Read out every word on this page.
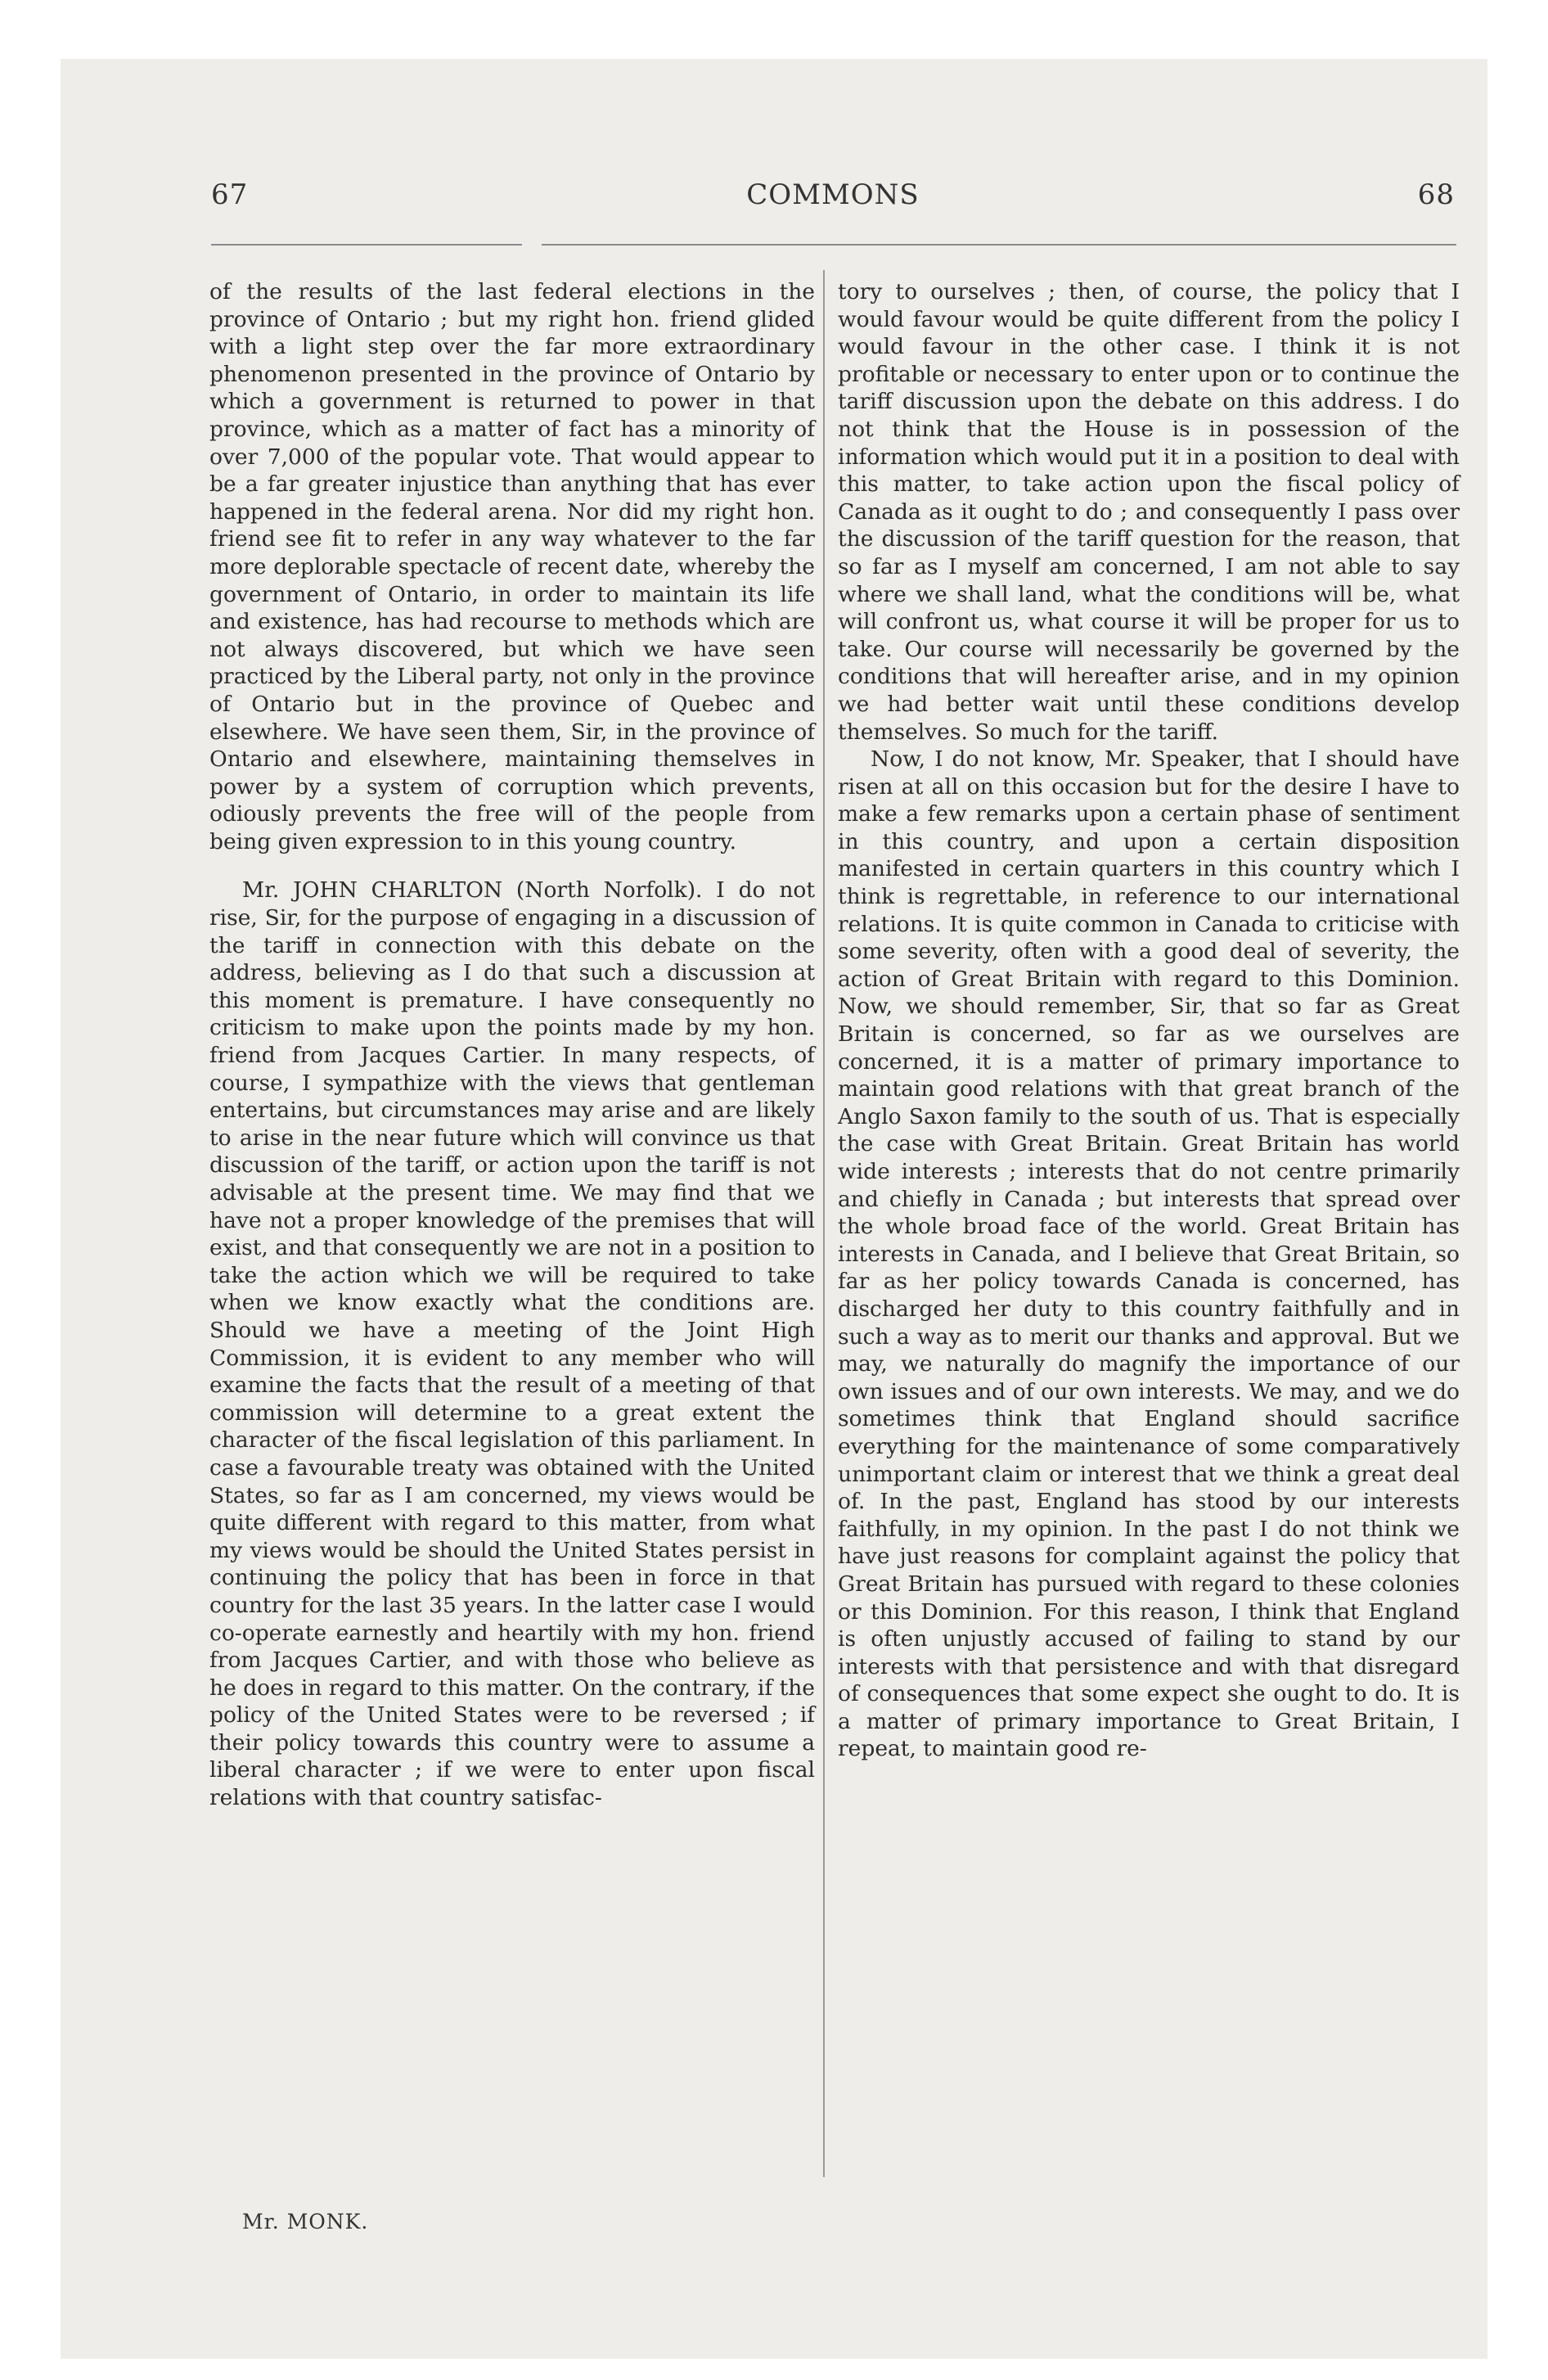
67	COMMONS	68

of the results of the last federal elections in the province of Ontario ; but my right hon. friend glided with a light step over the far more extraordinary phenomenon presented in the province of Ontario by which a government is returned to power in that province, which as a matter of fact has a minority of over 7,000 of the popular vote. That would appear to be a far greater injustice than anything that has ever happened in the federal arena. Nor did my right hon. friend see fit to refer in any way whatever to the far more deplorable spectacle of recent date, whereby the government of Ontario, in order to maintain its life and existence, has had recourse to methods which are not always discovered, but which we have seen practiced by the Liberal party, not only in the province of Ontario but in the province of Quebec and elsewhere. We have seen them, Sir, in the province of Ontario and elsewhere, maintaining themselves in power by a system of corruption which prevents, odiously prevents the free will of the people from being given expression to in this young country.

Mr. JOHN CHARLTON (North Norfolk). I do not rise, Sir, for the purpose of engaging in a discussion of the tariff in connection with this debate on the address, believing as I do that such a discussion at this moment is premature. I have consequently no criticism to make upon the points made by my hon. friend from Jacques Cartier. In many respects, of course, I sympathize with the views that gentleman entertains, but circumstances may arise and are likely to arise in the near future which will convince us that discussion of the tariff, or action upon the tariff is not advisable at the present time. We may find that we have not a proper knowledge of the premises that will exist, and that consequently we are not in a position to take the action which we will be required to take when we know exactly what the conditions are. Should we have a meeting of the Joint High Commission, it is evident to any member who will examine the facts that the result of a meeting of that commission will determine to a great extent the character of the fiscal legislation of this parliament. In case a favourable treaty was obtained with the United States, so far as I am concerned, my views would be quite different with regard to this matter, from what my views would be should the United States persist in continuing the policy that has been in force in that country for the last 35 years. In the latter case I would co-operate earnestly and heartily with my hon. friend from Jacques Cartier, and with those who believe as he does in regard to this matter. On the contrary, if the policy of the United States were to be reversed ; if their policy towards this country were to assume a liberal character ; if we were to enter upon fiscal relations with that country satisfac-

tory to ourselves ; then, of course, the policy that I would favour would be quite different from the policy I would favour in the other case. I think it is not profitable or necessary to enter upon or to continue the tariff discussion upon the debate on this address. I do not think that the House is in possession of the information which would put it in a position to deal with this matter, to take action upon the fiscal policy of Canada as it ought to do ; and consequently I pass over the discussion of the tariff question for the reason, that so far as I myself am concerned, I am not able to say where we shall land, what the conditions will be, what will confront us, what course it will be proper for us to take. Our course will necessarily be governed by the conditions that will hereafter arise, and in my opinion we had better wait until these conditions develop themselves. So much for the tariff.

Now, I do not know, Mr. Speaker, that I should have risen at all on this occasion but for the desire I have to make a few remarks upon a certain phase of sentiment in this country, and upon a certain disposition manifested in certain quarters in this country which I think is regrettable, in reference to our international relations. It is quite common in Canada to criticise with some severity, often with a good deal of severity, the action of Great Britain with regard to this Dominion. Now, we should remember, Sir, that so far as Great Britain is concerned, so far as we ourselves are concerned, it is a matter of primary importance to maintain good relations with that great branch of the Anglo Saxon family to the south of us. That is especially the case with Great Britain. Great Britain has world wide interests ; interests that do not centre primarily and chiefly in Canada ; but interests that spread over the whole broad face of the world. Great Britain has interests in Canada, and I believe that Great Britain, so far as her policy towards Canada is concerned, has discharged her duty to this country faithfully and in such a way as to merit our thanks and approval. But we may, we naturally do magnify the importance of our own issues and of our own interests. We may, and we do sometimes think that England should sacrifice everything for the maintenance of some comparatively unimportant claim or interest that we think a great deal of. In the past, England has stood by our interests faithfully, in my opinion. In the past I do not think we have just reasons for complaint against the policy that Great Britain has pursued with regard to these colonies or this Dominion. For this reason, I think that England is often unjustly accused of failing to stand by our interests with that persistence and with that disregard of consequences that some expect she ought to do. It is a matter of primary importance to Great Britain, I repeat, to maintain good re-

Mr. MONK.
